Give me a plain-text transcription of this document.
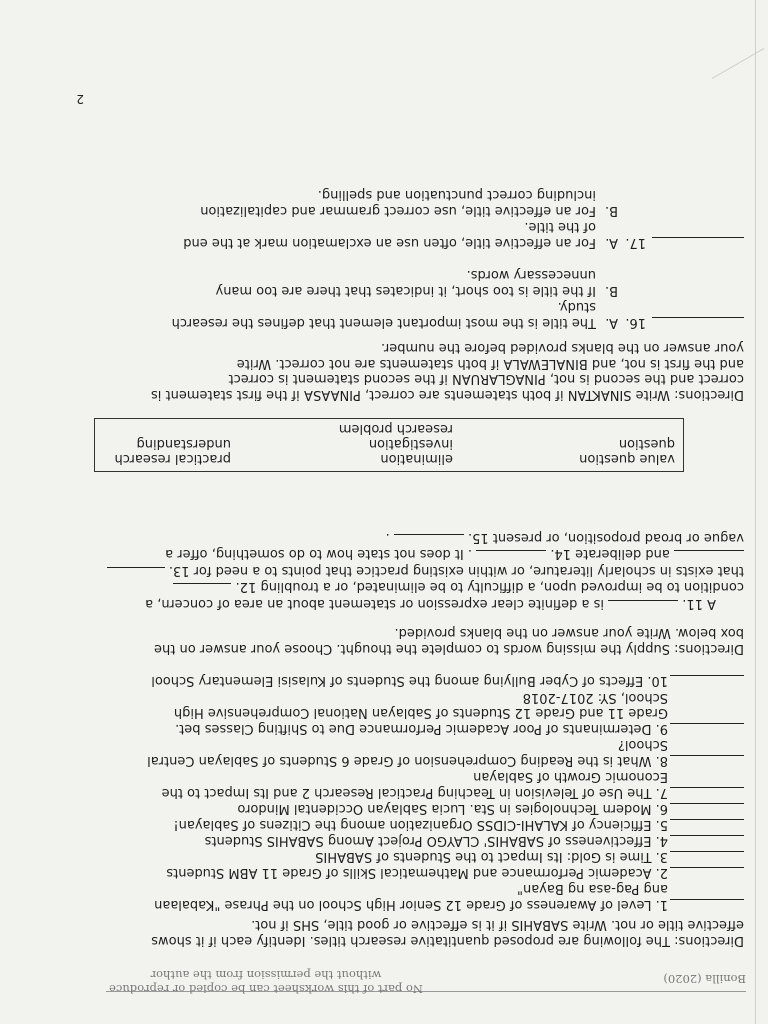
Bonilla (2020)
No part of this worksheet can be copied or reproduce
without the permission from the author
Directions: The following are proposed quantitative research titles. Identify each if it shows
effective title or not. Write SABAHIS if it is effective or good title, SHS if not.
1. Level of Awareness of Grade 12 Senior High School on the Phrase "Kabalaan
ang Pag-asa ng Bayan"
2. Academic Performance and Mathematical Skills of Grade 11 ABM Students
3. Time is Gold: Its Impact to the Students of SABAHIS
4. Effectiveness of SABAHIS' CLAYGO Project Among SABAHIS Students
5. Efficiency of KALAHI-CIDSS Organization among the Citizens of Sablayan!
6. Modern Technologies in Sta. Lucia Sablayan Occidental Mindoro
7. The Use of Television in Teaching Practical Research 2 and Its Impact to the
Economic Growth of Sablayan
8. What is the Reading Comprehension of Grade 6 Students of Sablayan Central
School?
9. Determinants of Poor Academic Performance Due to Shifting Classes bet.
Grade 11 and Grade 12 Students of Sablayan National Comprehensive High
School, SY: 2017-2018
10. Effects of Cyber Bullying among the Students of Kulasisi Elementary School
Directions: Supply the missing words to complete the thought. Choose your answer on the
box below. Write your answer on the blanks provided.
A 11.  is a definite clear expression or statement about an area of concern, a
condition to be improved upon, a difficulty to be eliminated, or a troubling 12.
that exists in scholarly literature, or within existing practice that points to a need for 13.
and deliberate 14.  . It does not state how to do something, offer a
vague or broad proposition, or present 15.  .
value question
elimination
practical research
question
investigation
understanding
research problem
Directions: Write SINAKTAN if both statements are correct, PINAASA if the first statement is
correct and the second is not, PINAGLARUAN if the second statement is correct
and the first is not, and BINALEWALA if both statements are not correct. Write
your answer on the blanks provided before the number.
16.
A.
The title is the most important element that defines the research
study.
B.
If the title is too short, it indicates that there are too many
unnecessary words.
17.
A.
For an effective title, often use an exclamation mark at the end
of the title.
B.
For an effective title, use correct grammar and capitalization
including correct punctuation and spelling.
2
